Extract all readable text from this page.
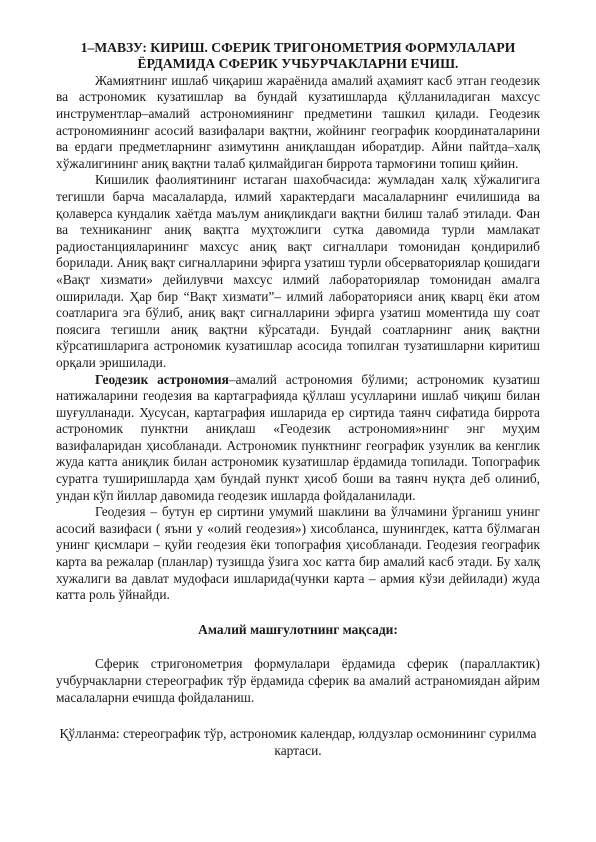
1–МАВЗУ: КИРИШ. СФЕРИК ТРИГОНОМЕТРИЯ ФОРМУЛАЛАРИ
ЁРДАМИДА СФЕРИК УЧБУРЧАКЛАРНИ ЕЧИШ.

Жамиятнинг ишлаб чиқариш жараёнида амалий аҳамият касб этган геодезик ва астрономик кузатишлар ва бундай кузатишларда қўлланиладиган махсус инструментлар–амалий астрономиянинг предметини ташкил қилади. Геодезик астрономиянинг асосий вазифалари вақтни, жойнинг географик координаталарини ва ердаги предметларнинг азимутинн аниқлашдан иборатдир. Айни пайтда–халқ хўжалигининг аниқ вақтни талаб қилмайдиган биррота тармоғини топиш қийин.

Кишилик фаолиятининг истаган шахобчасида: жумладан халқ хўжалигига тегишли барча масалаларда, илмий характердаги масалаларнинг ечилишида ва қолаверса кундалик хаётда маълум аниқликдаги вақтни билиш талаб этилади. Фан ва техниканинг аниқ вақтга муҳтожлиги сутка давомида турли мамлакат радиостанцияларининг махсус аниқ вақт сигналлари томонидан қондирилиб борилади. Аниқ вақт сигналларини эфирга узатиш турли обсерваториялар қошидаги «Вақт хизмати» дейилувчи махсус илмий лабораториялар томонидан амалга оширилади. Ҳар бир “Вақт хизмати”– илмий лабораторияси аниқ кварц ёки атом соатларига эга бўлиб, аниқ вақт сигналларини эфирга узатиш моментида шу соат поясига тегишли аниқ вақтни кўрсатади. Бундай соатларнинг аниқ вақтни кўрсатишларига астрономик кузатишлар асосида топилган тузатишларни киритиш орқали эришилади.

Геодезик астрономия–амалий астрономия бўлими; астрономик кузатиш натижаларини геодезия ва картаграфияда қўллаш усулларини ишлаб чиқиш билан шуғулланади. Хусусан, картаграфия ишларида ер сиртида таянч сифатида биррота астрономик пунктни аниқлаш «Геодезик астрономия»нинг энг муҳим вазифаларидан ҳисобланади. Астрономик пунктнинг географик узунлик ва кенглик жуда катта аниқлик билан астрономик кузатишлар ёрдамида топилади. Топографик суратга туширишларда ҳам бундай пункт ҳисоб боши ва таянч нуқта деб олиниб, ундан кўп йиллар давомида геодезик ишларда фойдаланилади.

Геодезия – бутун ер сиртини умумий шаклини ва ўлчамини ўрганиш унинг асосий вазифаси ( яъни у «олий геодезия») хисобланса, шунингдек, катта бўлмаган унинг қисмлари – қуйи геодезия ёки топография ҳисобланади. Геодезия географик карта ва режалар (планлар) тузишда ўзига хос катта бир амалий касб этади. Бу халқ хужалиги ва давлат мудофаси ишларида(чунки карта – армия кўзи дейилади) жуда катта роль ўйнайди.

Амалий машғулотнинг мақсади:

Сферик стригонометрия формулалари ёрдамида сферик (параллактик) учбурчакларни стереографик тўр ёрдамида сферик ва амалий астраномиядан айрим масалаларни ечишда фойдаланиш.

Қўлланма: стереографик тўр, астрономик календар, юлдузлар осмонининг сурилма картаси.
